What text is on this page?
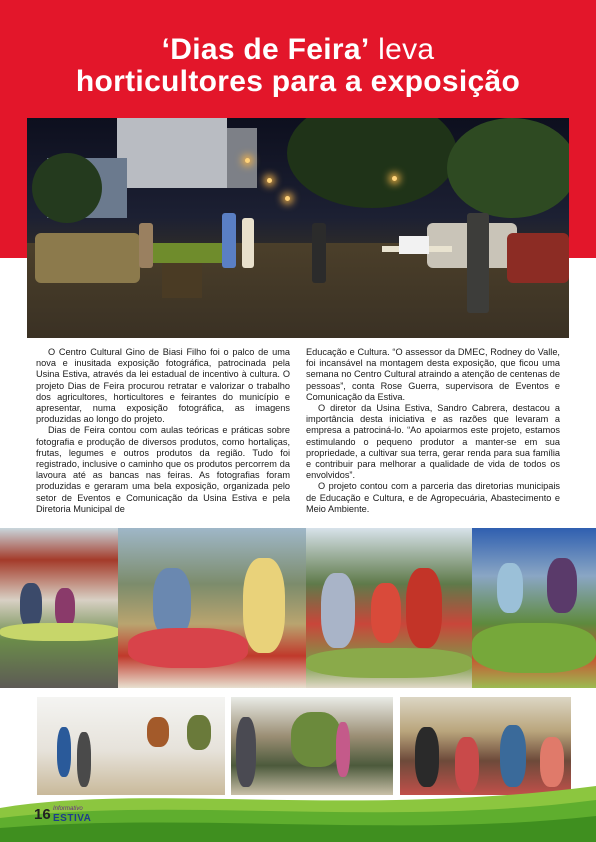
‘Dias de Feira’ leva
horticultores para a exposição

O Centro Cultural Gino de Biasi Filho foi o palco de uma nova e inusitada exposição fotográfica, patrocinada pela Usina Estiva, através da lei estadual de incentivo à cultura. O projeto Dias de Feira procurou retratar e valorizar o trabalho dos agricultores, horticultores e feirantes do município e apresentar, numa exposição fotográfica, as imagens produzidas ao longo do projeto.

Dias de Feira contou com aulas teóricas e práticas sobre fotografia e produção de diversos produtos, como hortaliças, frutas, legumes e outros produtos da região. Tudo foi registrado, inclusive o caminho que os produtos percorrem da lavoura até as bancas nas feiras. As fotografias foram produzidas e geraram uma bela exposição, organizada pelo setor de Eventos e Comunicação da Usina Estiva e pela Diretoria Municipal de

Educação e Cultura. “O assessor da DMEC, Rodney do Valle, foi incansável na montagem desta exposição, que ficou uma semana no Centro Cultural atraindo a atenção de centenas de pessoas”, conta Rose Guerra, supervisora de Eventos e Comunicação da Estiva.

O diretor da Usina Estiva, Sandro Cabrera, destacou a importância desta iniciativa e as razões que levaram a empresa a patrociná-lo. “Ao apoiarmos este projeto, estamos estimulando o pequeno produtor a manter-se em sua propriedade, a cultivar sua terra, gerar renda para sua família e contribuir para melhorar a qualidade de vida de todos os envolvidos”.

O projeto contou com a parceria das diretorias municipais de Educação e Cultura, e de Agropecuária, Abastecimento e Meio Ambiente.

16 Informativo
ESTIVA
